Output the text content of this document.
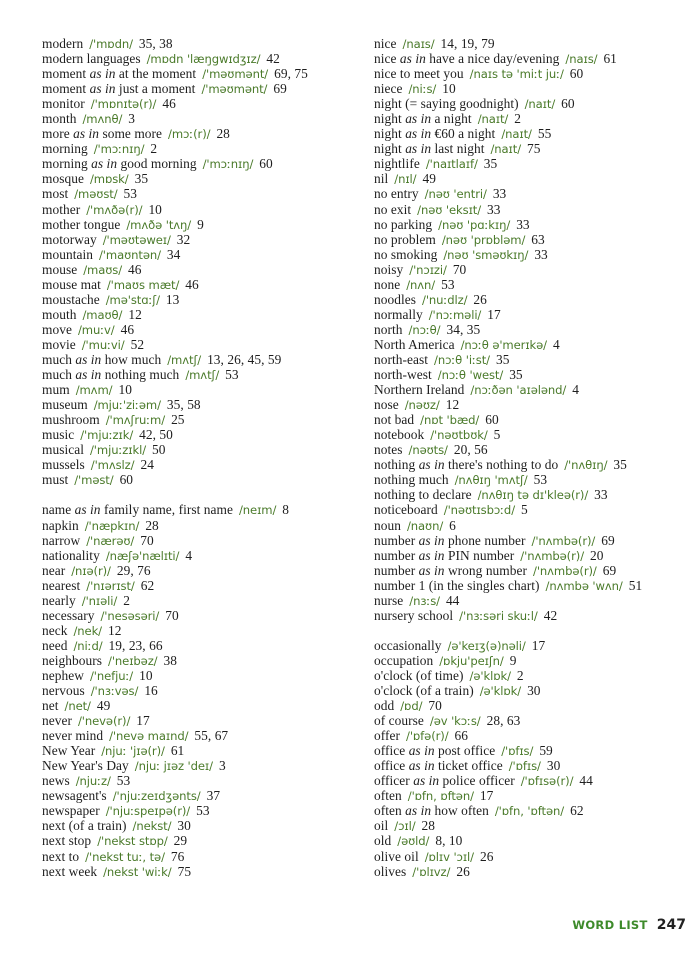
modern /'mɒdn/ 35, 38
modern languages /mɒdn 'læŋgwɪdʒɪz/ 42
moment as in at the moment /'məʊmənt/ 69, 75
moment as in just a moment /'məʊmənt/ 69
monitor /'mɒnɪtə(r)/ 46
month /mʌnθ/ 3
more as in some more /mɔː(r)/ 28
morning /'mɔːnɪŋ/ 2
morning as in good morning /'mɔːnɪŋ/ 60
mosque /mɒsk/ 35
most /məʊst/ 53
mother /'mʌðə(r)/ 10
mother tongue /mʌðə 'tʌŋ/ 9
motorway /'məʊtəweɪ/ 32
mountain /'maʊntən/ 34
mouse /maʊs/ 46
mouse mat /'maʊs mæt/ 46
moustache /mə'stɑːʃ/ 13
mouth /maʊθ/ 12
move /muːv/ 46
movie /'muːvi/ 52
much as in how much /mʌtʃ/ 13, 26, 45, 59
much as in nothing much /mʌtʃ/ 53
mum /mʌm/ 10
museum /mjuː'ziːəm/ 35, 58
mushroom /'mʌʃruːm/ 25
music /'mjuːzɪk/ 42, 50
musical /'mjuːzɪkl/ 50
mussels /'mʌslz/ 24
must /'məst/ 60
name as in family name, first name /neɪm/ 8
napkin /'næpkɪn/ 28
narrow /'nærəʊ/ 70
nationality /næʃə'nælɪti/ 4
near /nɪə(r)/ 29, 76
nearest /'nɪərɪst/ 62
nearly /'nɪəli/ 2
necessary /'nesəsəri/ 70
neck /nek/ 12
need /niːd/ 19, 23, 66
neighbours /'neɪbəz/ 38
nephew /'nefjuː/ 10
nervous /'nɜːvəs/ 16
net /net/ 49
never /'nevə(r)/ 17
never mind /'nevə maɪnd/ 55, 67
New Year /njuː 'jɪə(r)/ 61
New Year's Day /njuː jɪəz 'deɪ/ 3
news /njuːz/ 53
newsagent's /'njuːzeɪdʒənts/ 37
newspaper /'njuːspeɪpə(r)/ 53
next (of a train) /nekst/ 30
next stop /'nekst stɒp/ 29
next to /'nekst tuː, tə/ 76
next week /nekst 'wiːk/ 75
nice /naɪs/ 14, 19, 79
nice as in have a nice day/evening /naɪs/ 61
nice to meet you /naɪs tə 'miːt juː/ 60
niece /niːs/ 10
night (= saying goodnight) /naɪt/ 60
night as in a night /naɪt/ 2
night as in €60 a night /naɪt/ 55
night as in last night /naɪt/ 75
nightlife /'naɪtlaɪf/ 35
nil /nɪl/ 49
no entry /nəʊ 'entri/ 33
no exit /nəʊ 'eksɪt/ 33
no parking /nəʊ 'pɑːkɪŋ/ 33
no problem /nəʊ 'prɒbləm/ 63
no smoking /nəʊ 'sməʊkɪŋ/ 33
noisy /'nɔɪzi/ 70
none /nʌn/ 53
noodles /'nuːdlz/ 26
normally /'nɔːməli/ 17
north /nɔːθ/ 34, 35
North America /nɔːθ ə'merɪkə/ 4
north-east /nɔːθ 'iːst/ 35
north-west /nɔːθ 'west/ 35
Northern Ireland /nɔːðən 'aɪələnd/ 4
nose /nəʊz/ 12
not bad /nɒt 'bæd/ 60
notebook /'nəʊtbʊk/ 5
notes /nəʊts/ 20, 56
nothing as in there's nothing to do /'nʌθɪŋ/ 35
nothing much /nʌθɪŋ 'mʌtʃ/ 53
nothing to declare /nʌθɪŋ tə dɪ'kleə(r)/ 33
noticeboard /'nəʊtɪsbɔːd/ 5
noun /naʊn/ 6
number as in phone number /'nʌmbə(r)/ 69
number as in PIN number /'nʌmbə(r)/ 20
number as in wrong number /'nʌmbə(r)/ 69
number 1 (in the singles chart) /nʌmbə 'wʌn/ 51
nurse /nɜːs/ 44
nursery school /'nɜːsəri skuːl/ 42
occasionally /ə'keɪʒ(ə)nəli/ 17
occupation /ɒkju'peɪʃn/ 9
o'clock (of time) /ə'klɒk/ 2
o'clock (of a train) /ə'klɒk/ 30
odd /ɒd/ 70
of course /əv 'kɔːs/ 28, 63
offer /'ɒfə(r)/ 66
office as in post office /'ɒfɪs/ 59
office as in ticket office /'ɒfɪs/ 30
officer as in police officer /'ɒfɪsə(r)/ 44
often /'ɒfn, ɒftən/ 17
often as in how often /'ɒfn, 'ɒftən/ 62
oil /ɔɪl/ 28
old /əʊld/ 8, 10
olive oil /ɒlɪv 'ɔɪl/ 26
olives /'ɒlɪvz/ 26
WORD LIST 247
